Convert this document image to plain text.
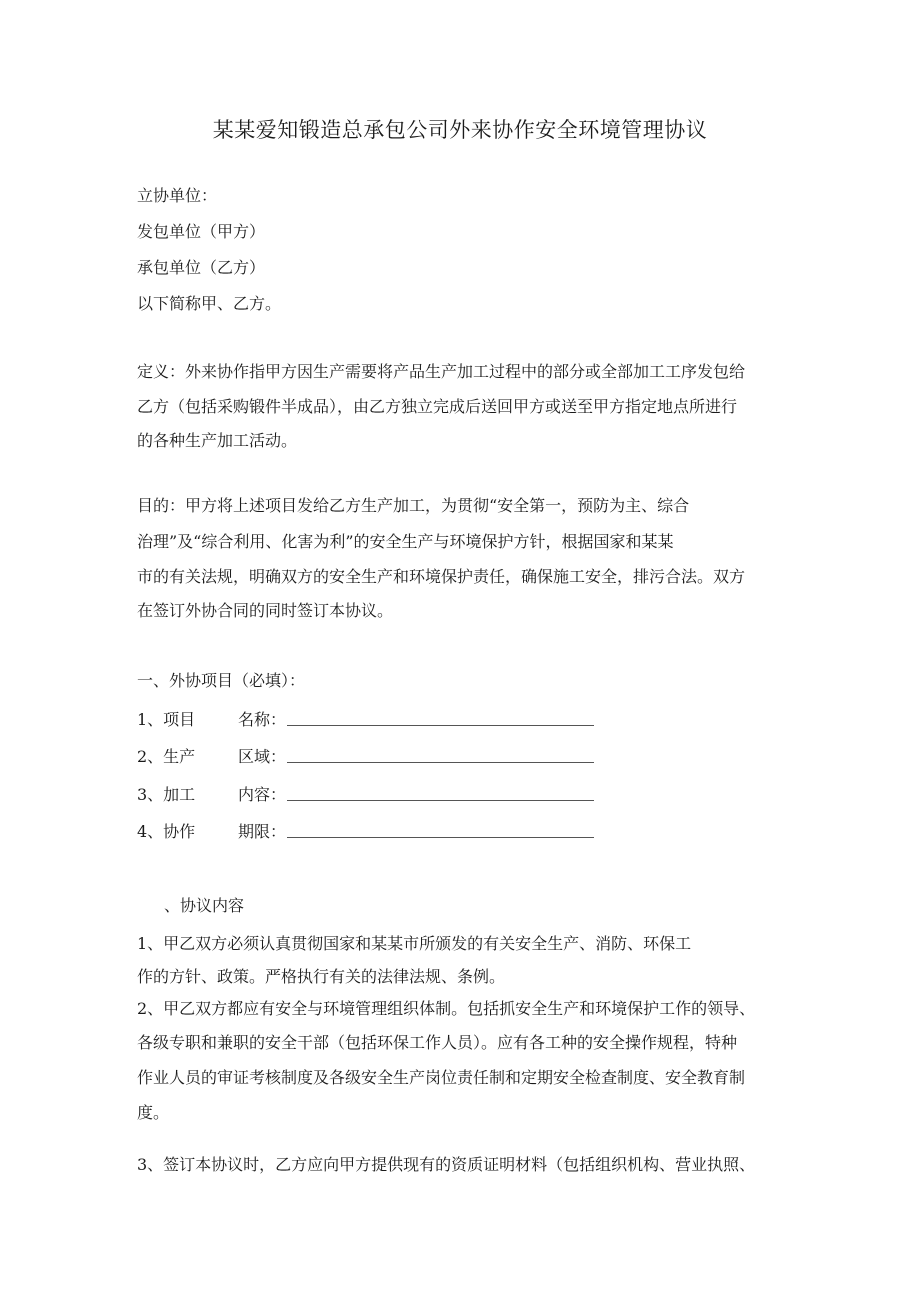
某某爱知锻造总承包公司外来协作安全环境管理协议
立协单位：
发包单位（甲方）
承包单位（乙方）
以下简称甲、乙方。
定义：外来协作指甲方因生产需要将产品生产加工过程中的部分或全部加工工序发包给
乙方（包括采购锻件半成品），由乙方独立完成后送回甲方或送至甲方指定地点所进行
的各种生产加工活动。
目的：甲方将上述项目发给乙方生产加工，为贯彻“安全第一，预防为主、综合
治理”及“综合利用、化害为利”的安全生产与环境保护方针，根据国家和某某
市的有关法规，明确双方的安全生产和环境保护责任，确保施工安全，排污合法。双方
在签订外协合同的同时签订本协议。
一、外协项目（必填）：
1、项目	名称：
2、生产	区域：
3、加工	内容：
4、协作	期限：
、协议内容
1、甲乙双方必须认真贯彻国家和某某市所颁发的有关安全生产、消防、环保工
作的方针、政策。严格执行有关的法律法规、条例。
2、甲乙双方都应有安全与环境管理组织体制。包括抓安全生产和环境保护工作的领导、
各级专职和兼职的安全干部（包括环保工作人员）。应有各工种的安全操作规程，特种
作业人员的审证考核制度及各级安全生产岗位责任制和定期安全检查制度、安全教育制
度。
3、签订本协议时，乙方应向甲方提供现有的资质证明材料（包括组织机构、营业执照、
